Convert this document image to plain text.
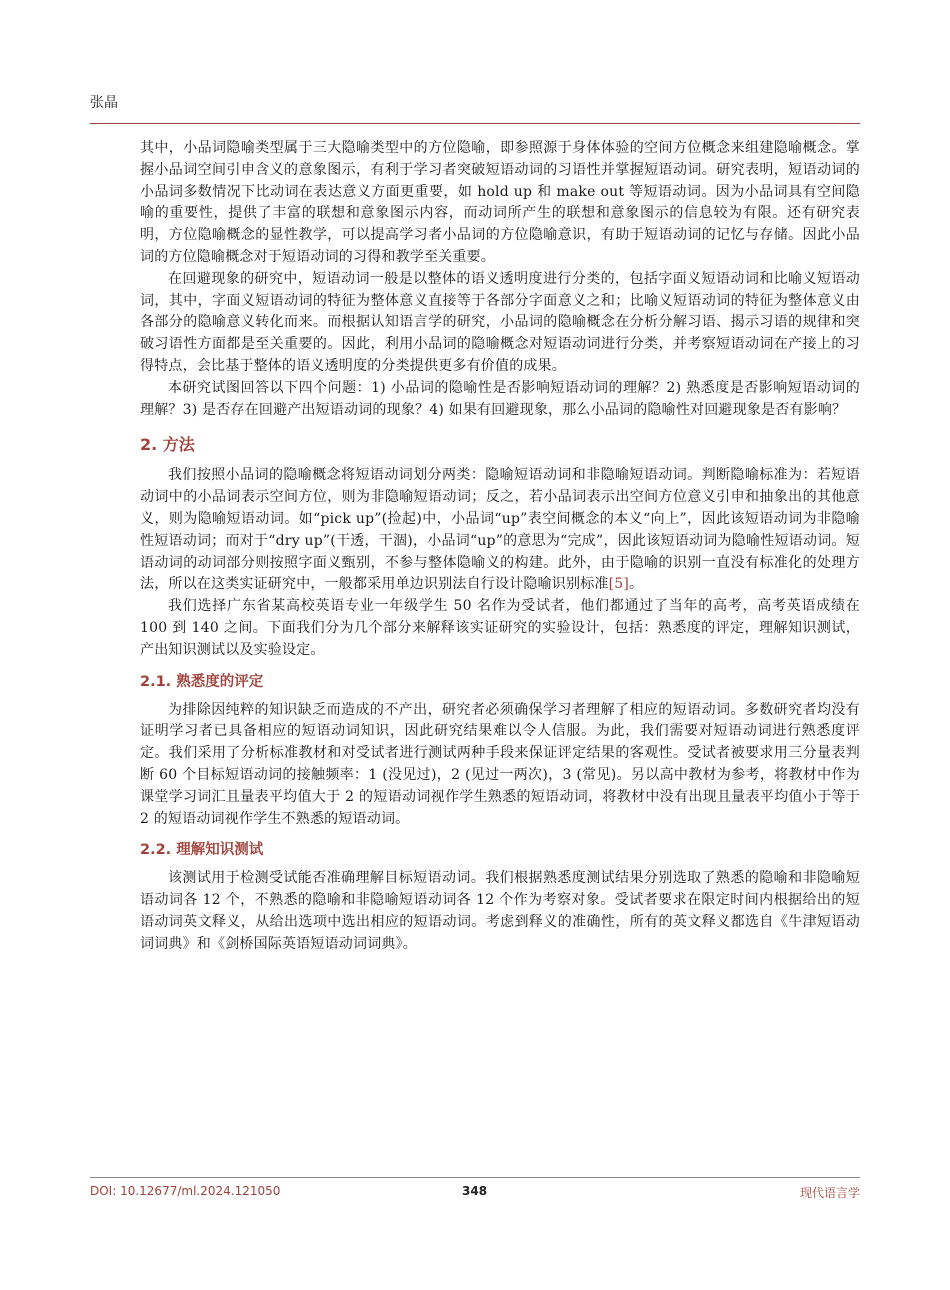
张晶

其中，小品词隐喻类型属于三大隐喻类型中的方位隐喻，即参照源于身体体验的空间方位概念来组建隐喻概念。掌握小品词空间引申含义的意象图示，有利于学习者突破短语动词的习语性并掌握短语动词。研究表明，短语动词的小品词多数情况下比动词在表达意义方面更重要，如 hold up 和 make out 等短语动词。因为小品词具有空间隐喻的重要性，提供了丰富的联想和意象图示内容，而动词所产生的联想和意象图示的信息较为有限。还有研究表明，方位隐喻概念的显性教学，可以提高学习者小品词的方位隐喻意识，有助于短语动词的记忆与存储。因此小品词的方位隐喻概念对于短语动词的习得和教学至关重要。

在回避现象的研究中，短语动词一般是以整体的语义透明度进行分类的，包括字面义短语动词和比喻义短语动词，其中，字面义短语动词的特征为整体意义直接等于各部分字面意义之和；比喻义短语动词的特征为整体意义由各部分的隐喻意义转化而来。而根据认知语言学的研究，小品词的隐喻概念在分析分解习语、揭示习语的规律和突破习语性方面都是至关重要的。因此，利用小品词的隐喻概念对短语动词进行分类，并考察短语动词在产接上的习得特点，会比基于整体的语义透明度的分类提供更多有价值的成果。

本研究试图回答以下四个问题：1) 小品词的隐喻性是否影响短语动词的理解？2) 熟悉度是否影响短语动词的理解？3) 是否存在回避产出短语动词的现象？4) 如果有回避现象，那么小品词的隐喻性对回避现象是否有影响？

2. 方法

我们按照小品词的隐喻概念将短语动词划分两类：隐喻短语动词和非隐喻短语动词。判断隐喻标准为：若短语动词中的小品词表示空间方位，则为非隐喻短语动词；反之，若小品词表示出空间方位意义引申和抽象出的其他意义，则为隐喻短语动词。如“pick up”(捡起)中，小品词“up”表空间概念的本义“向上”，因此该短语动词为非隐喻性短语动词；而对于“dry up”(干透，干涸)，小品词“up”的意思为“完成”，因此该短语动词为隐喻性短语动词。短语动词的动词部分则按照字面义甄别，不参与整体隐喻义的构建。此外，由于隐喻的识别一直没有标准化的处理方法，所以在这类实证研究中，一般都采用单边识别法自行设计隐喻识别标准[5]。

我们选择广东省某高校英语专业一年级学生 50 名作为受试者，他们都通过了当年的高考，高考英语成绩在 100 到 140 之间。下面我们分为几个部分来解释该实证研究的实验设计，包括：熟悉度的评定，理解知识测试，产出知识测试以及实验设定。

2.1. 熟悉度的评定

为排除因纯粹的知识缺乏而造成的不产出，研究者必须确保学习者理解了相应的短语动词。多数研究者均没有证明学习者已具备相应的短语动词知识，因此研究结果难以令人信服。为此，我们需要对短语动词进行熟悉度评定。我们采用了分析标准教材和对受试者进行测试两种手段来保证评定结果的客观性。受试者被要求用三分量表判断 60 个目标短语动词的接触频率：1 (没见过)，2 (见过一两次)，3 (常见)。另以高中教材为参考，将教材中作为课堂学习词汇且量表平均值大于 2 的短语动词视作学生熟悉的短语动词，将教材中没有出现且量表平均值小于等于 2 的短语动词视作学生不熟悉的短语动词。

2.2. 理解知识测试

该测试用于检测受试能否准确理解目标短语动词。我们根据熟悉度测试结果分别选取了熟悉的隐喻和非隐喻短语动词各 12 个，不熟悉的隐喻和非隐喻短语动词各 12 个作为考察对象。受试者要求在限定时间内根据给出的短语动词英文释义，从给出选项中选出相应的短语动词。考虑到释义的准确性，所有的英文释义都选自《牛津短语动词词典》和《剑桥国际英语短语动词词典》。

DOI: 10.12677/ml.2024.121050	348	现代语言学
